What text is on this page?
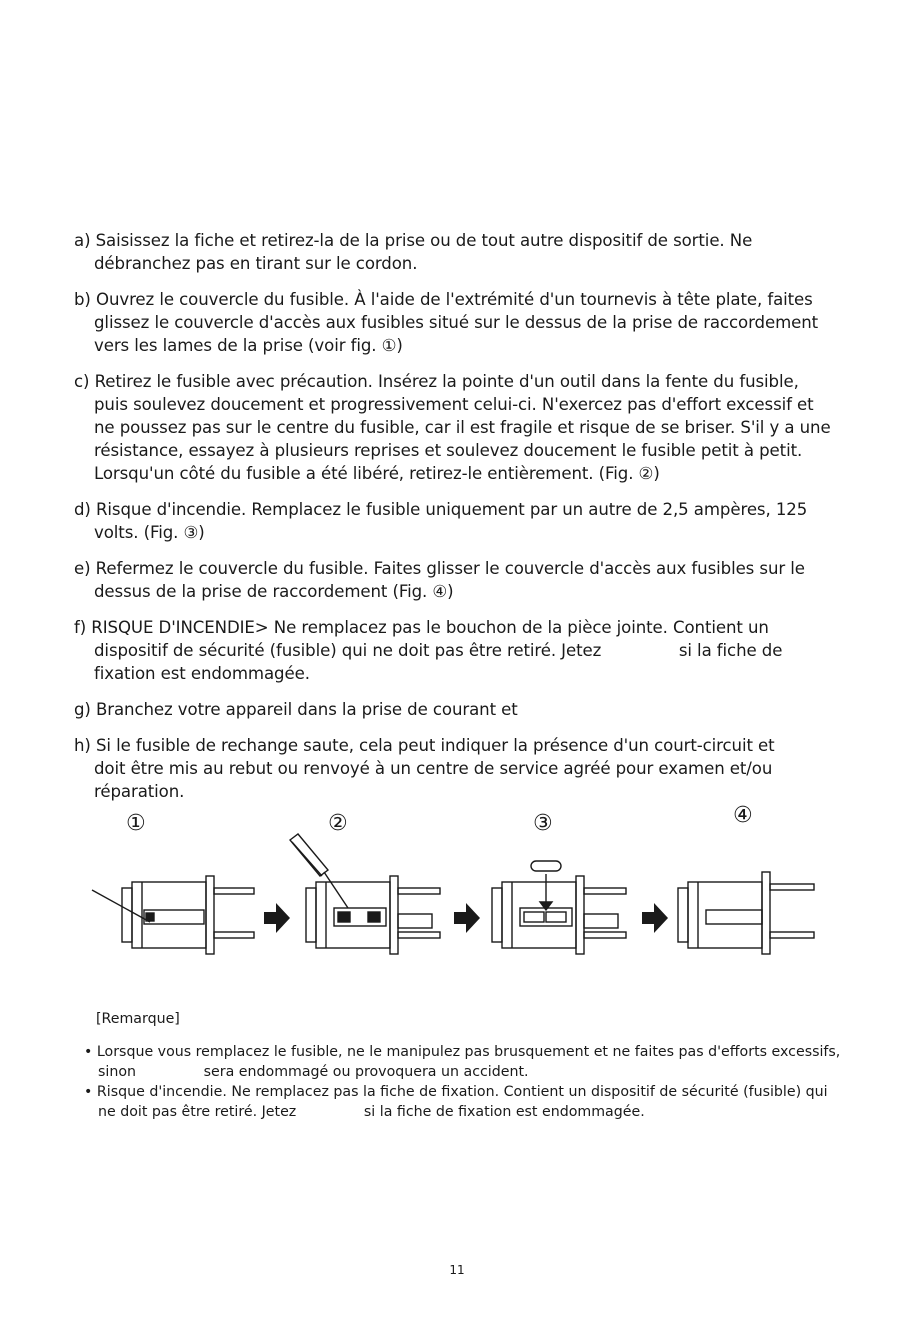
a) Saisissez la fiche et retirez-la de la prise ou de tout autre dispositif de sortie. Ne débranchez pas en tirant sur le cordon.

b) Ouvrez le couvercle du fusible. À l'aide de l'extrémité d'un tournevis à tête plate, faites glissez le couvercle d'accès aux fusibles situé sur le dessus de la prise de raccordement vers les lames de la prise (voir fig. ①)

c) Retirez le fusible avec précaution. Insérez la pointe d'un outil dans la fente du fusible, puis soulevez doucement et progressivement celui-ci. N'exercez pas d'effort excessif et ne poussez pas sur le centre du fusible, car il est fragile et risque de se briser. S'il y a une résistance, essayez à plusieurs reprises et soulevez doucement le fusible petit à petit. Lorsqu'un côté du fusible a été libéré, retirez-le entièrement. (Fig. ②)

d) Risque d'incendie. Remplacez le fusible uniquement par un autre de 2,5 ampères, 125 volts. (Fig. ③)

e) Refermez le couvercle du fusible. Faites glisser le couvercle d'accès aux fusibles sur le dessus de la prise de raccordement (Fig. ④)

f) RISQUE D'INCENDIE> Ne remplacez pas le bouchon de la pièce jointe. Contient un dispositif de sécurité (fusible) qui ne doit pas être retiré. Jetez               si la fiche de fixation est endommagée.

g) Branchez votre appareil dans la prise de courant et

h) Si le fusible de rechange saute, cela peut indiquer la présence d'un court-circuit et                doit être mis au rebut ou renvoyé à un centre de service agréé pour examen et/ou réparation.

①	②	③	④

[Remarque]

• Lorsque vous remplacez le fusible, ne le manipulez pas brusquement et ne faites pas d'efforts excessifs, sinon               sera endommagé ou provoquera un accident.

• Risque d'incendie. Ne remplacez pas la fiche de fixation. Contient un dispositif de sécurité (fusible) qui ne doit pas être retiré. Jetez               si la fiche de fixation est endommagée.

11
